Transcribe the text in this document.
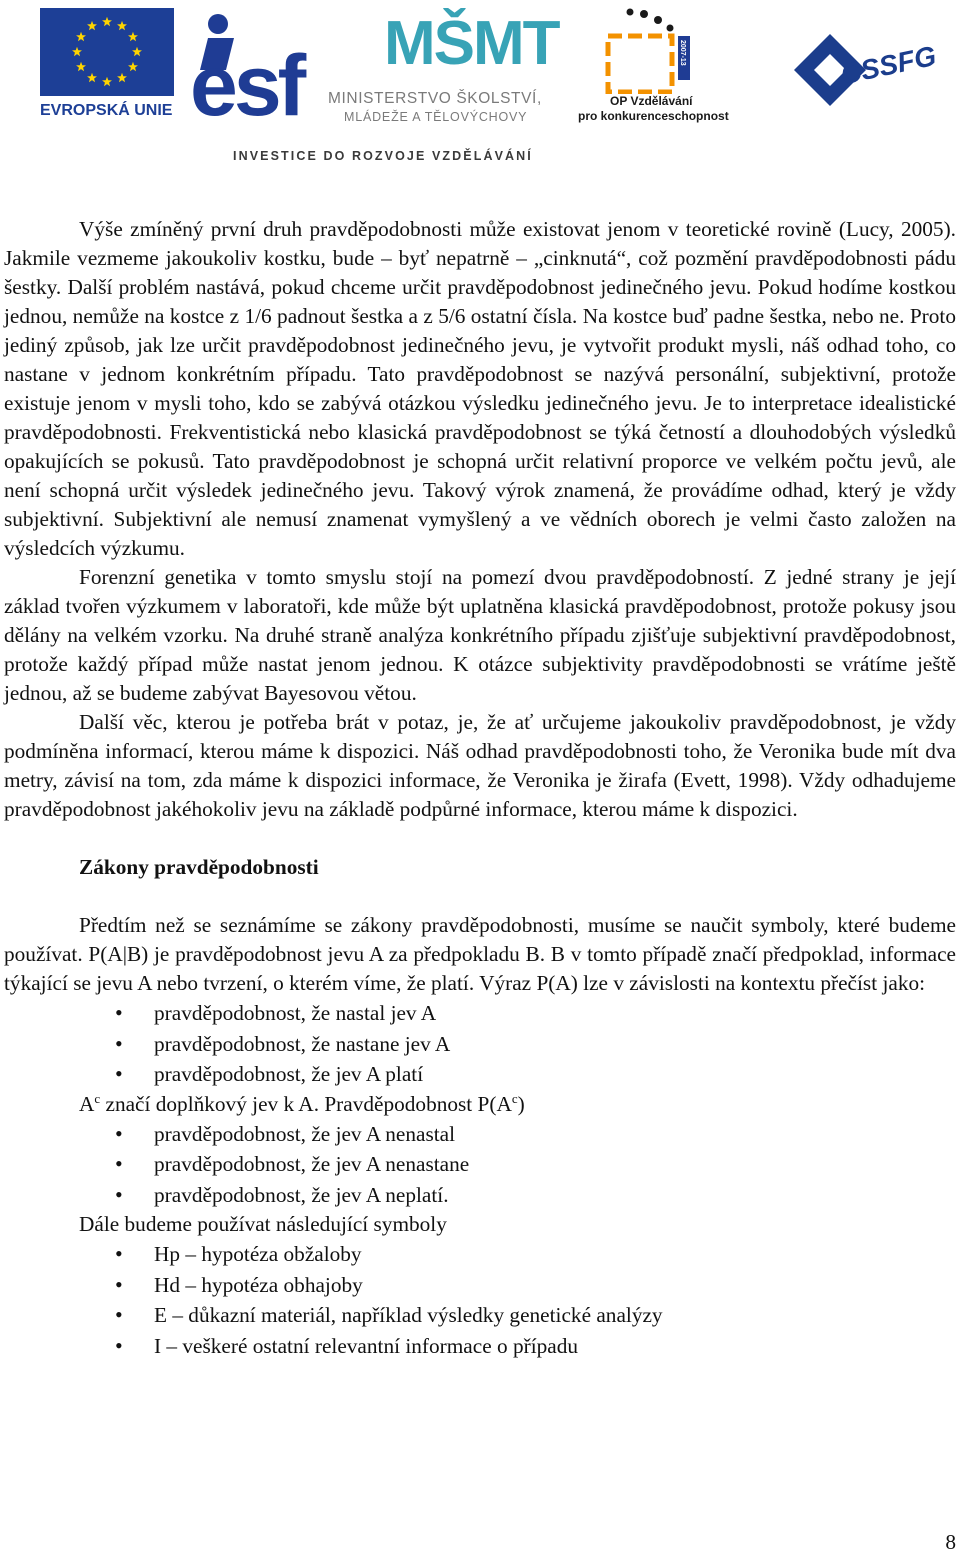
EVROPSKÁ UNIE esf MŠMT
MINISTERSTVO ŠKOLSTVÍ,
MLÁDEŽE A TĚLOVÝCHOVY
2007-13
OP Vzdělávání
pro konkurenceschopnost
CSSFG
INVESTICE DO ROZVOJE VZDĚLÁVÁNÍ

Výše zmíněný první druh pravděpodobnosti může existovat jenom v teoretické rovině (Lucy, 2005). Jakmile vezmeme jakoukoliv kostku, bude – byť nepatrně – „cinknutá“, což pozmění pravděpodobnosti pádu šestky. Další problém nastává, pokud chceme určit pravděpodobnost jedinečného jevu. Pokud hodíme kostkou jednou, nemůže na kostce z 1/6 padnout šestka a z 5/6 ostatní čísla. Na kostce buď padne šestka, nebo ne. Proto jediný způsob, jak lze určit pravděpodobnost jedinečného jevu, je vytvořit produkt mysli, náš odhad toho, co nastane v jednom konkrétním případu. Tato pravděpodobnost se nazývá personální, subjektivní, protože existuje jenom v mysli toho, kdo se zabývá otázkou výsledku jedinečného jevu. Je to interpretace idealistické pravděpodobnosti. Frekventistická nebo klasická pravděpodobnost se týká četností a dlouhodobých výsledků opakujících se pokusů. Tato pravděpodobnost je schopná určit relativní proporce ve velkém počtu jevů, ale není schopná určit výsledek jedinečného jevu. Takový výrok znamená, že provádíme odhad, který je vždy subjektivní. Subjektivní ale nemusí znamenat vymyšlený a ve vědních oborech je velmi často založen na výsledcích výzkumu.

Forenzní genetika v tomto smyslu stojí na pomezí dvou pravděpodobností. Z jedné strany je její základ tvořen výzkumem v laboratoři, kde může být uplatněna klasická pravděpodobnost, protože pokusy jsou dělány na velkém vzorku. Na druhé straně analýza konkrétního případu zjišťuje subjektivní pravděpodobnost, protože každý případ může nastat jenom jednou. K otázce subjektivity pravděpodobnosti se vrátíme ještě jednou, až se budeme zabývat Bayesovou větou.

Další věc, kterou je potřeba brát v potaz, je, že ať určujeme jakoukoliv pravděpodobnost, je vždy podmíněna informací, kterou máme k dispozici. Náš odhad pravděpodobnosti toho, že Veronika bude mít dva metry, závisí na tom, zda máme k dispozici informace, že Veronika je žirafa (Evett, 1998). Vždy odhadujeme pravděpodobnost jakéhokoliv jevu na základě podpůrné informace, kterou máme k dispozici.

Zákony pravděpodobnosti

Předtím než se seznámíme se zákony pravděpodobnosti, musíme se naučit symboly, které budeme používat. P(A|B) je pravděpodobnost jevu A za předpokladu B. B v tomto případě značí předpoklad, informace týkající se jevu A nebo tvrzení, o kterém víme, že platí. Výraz P(A) lze v závislosti na kontextu přečíst jako:

• pravděpodobnost, že nastal jev A
• pravděpodobnost, že nastane jev A
• pravděpodobnost, že jev A platí

$A^c$ značí doplňkový jev k A. Pravděpodobnost $P(A^c)$

• pravděpodobnost, že jev A nenastal
• pravděpodobnost, že jev A nenastane
• pravděpodobnost, že jev A neplatí.

Dále budeme používat následující symboly

• Hp – hypotéza obžaloby
• Hd – hypotéza obhajoby
• E – důkazní materiál, například výsledky genetické analýzy
• I – veškeré ostatní relevantní informace o případu
8
